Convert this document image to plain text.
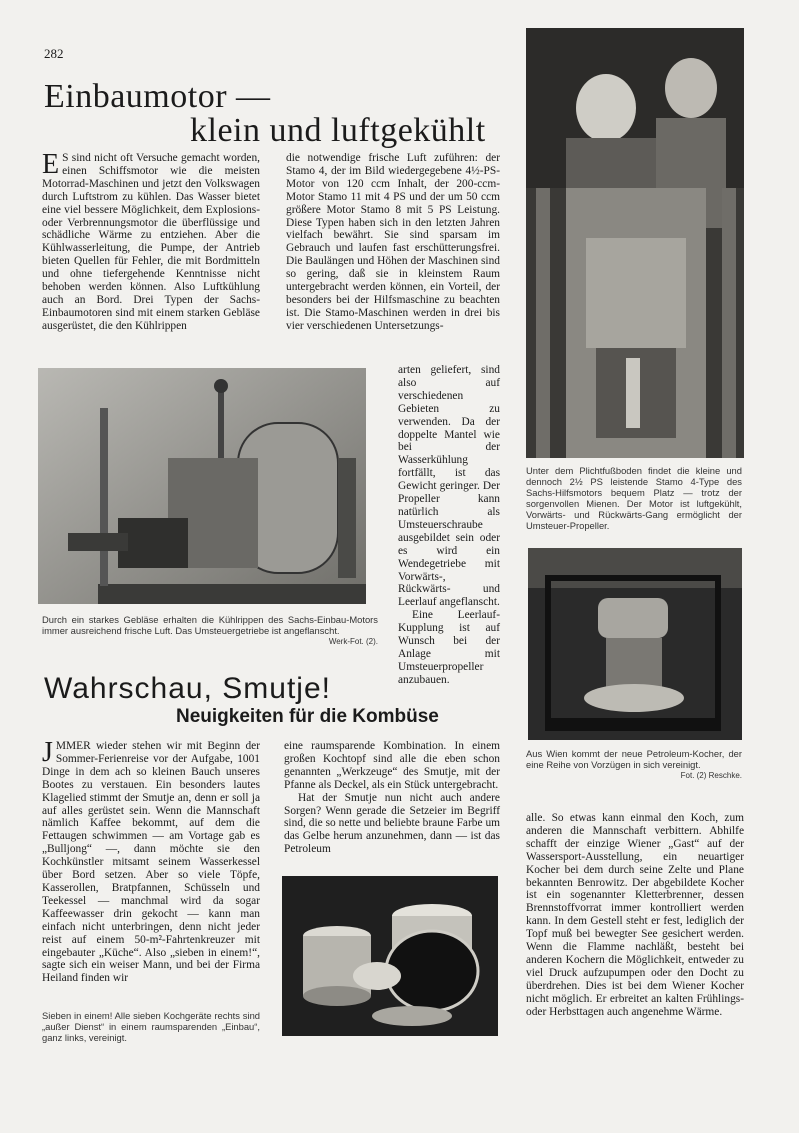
282
Einbaumotor —
klein und luftgekühlt

E S sind nicht oft Versuche gemacht worden, einen Schiffsmotor wie die meisten Motorrad-Maschinen und jetzt den Volkswagen durch Luftstrom zu kühlen. Das Wasser bietet eine viel bessere Möglichkeit, dem Explosions- oder Verbrennungsmotor die überflüssige und schädliche Wärme zu entziehen. Aber die Kühlwasserleitung, die Pumpe, der Antrieb bieten Quellen für Fehler, die mit Bordmitteln und ohne tiefergehende Kenntnisse nicht behoben werden können. Also Luftkühlung auch an Bord. Drei Typen der Sachs-Einbaumotoren sind mit einem starken Gebläse ausgerüstet, die den Kühlrippen

die notwendige frische Luft zuführen: der Stamo 4, der im Bild wiedergegebene 4½-PS-Motor von 120 ccm Inhalt, der 200-ccm-Motor Stamo 11 mit 4 PS und der um 50 ccm größere Motor Stamo 8 mit 5 PS Leistung. Diese Typen haben sich in den letzten Jahren vielfach bewährt. Sie sind sparsam im Gebrauch und laufen fast erschütterungsfrei. Die Baulängen und Höhen der Maschinen sind so gering, daß sie in kleinstem Raum untergebracht werden können, ein Vorteil, der besonders bei der Hilfsmaschine zu beachten ist. Die Stamo-Maschinen werden in drei bis vier verschiedenen Untersetzungs-

arten geliefert, sind also auf verschiedenen Gebieten zu verwenden. Da der doppelte Mantel wie bei der Wasserkühlung fortfällt, ist das Gewicht geringer. Der Propeller kann natürlich als Umsteuerschraube ausgebildet sein oder es wird ein Wendegetriebe mit Vorwärts-, Rückwärts- und Leerlauf angeflanscht.

Eine Leerlauf-Kupplung ist auf Wunsch bei der Anlage mit Umsteuerpropeller anzubauen.

Durch ein starkes Gebläse erhalten die Kühlrippen des Sachs-Einbau-Motors immer ausreichend frische Luft. Das Umsteuergetriebe ist angeflanscht.
Werk-Fot. (2).
Unter dem Plichtfußboden findet die kleine und dennoch 2½ PS leistende Stamo 4-Type des Sachs-Hilfsmotors bequem Platz — trotz der sorgenvollen Mienen. Der Motor ist luftgekühlt, Vorwärts- und Rückwärts-Gang ermöglicht der Umsteuer-Propeller.
Aus Wien kommt der neue Petroleum-Kocher, der eine Reihe von Vorzügen in sich vereinigt.
Fot. (2) Reschke.
Wahrschau, Smutje!
Neuigkeiten für die Kombüse

JMMER wieder stehen wir mit Beginn der Sommer-Ferienreise vor der Aufgabe, 1001 Dinge in dem ach so kleinen Bauch unseres Bootes zu verstauen. Ein besonders lautes Klagelied stimmt der Smutje an, denn er soll ja auf alles gerüstet sein. Wenn die Mannschaft nämlich Kaffee bekommt, auf dem die Fettaugen schwimmen — am Vortage gab es „Bulljong“ —, dann möchte sie den Kochkünstler mitsamt seinem Wasserkessel über Bord setzen. Aber so viele Töpfe, Kasserollen, Bratpfannen, Schüsseln und Teekessel — manchmal wird da sogar Kaffeewasser drin gekocht — kann man einfach nicht unterbringen, denn nicht jeder reist auf einem 50-m²-Fahrtenkreuzer mit eingebauter „Küche“. Also „sieben in einem!“, sagte sich ein weiser Mann, und bei der Firma Heiland finden wir

Sieben in einem! Alle sieben Kochgeräte rechts sind „außer Dienst“ in einem raumsparenden „Einbau“, ganz links, vereinigt.

eine raumsparende Kombination. In einem großen Kochtopf sind alle die eben schon genannten „Werkzeuge“ des Smutje, mit der Pfanne als Deckel, als ein Stück untergebracht.

Hat der Smutje nun nicht auch andere Sorgen? Wenn gerade die Setzeier im Begriff sind, die so nette und beliebte braune Farbe um das Gelbe herum anzunehmen, dann — ist das Petroleum

alle. So etwas kann einmal den Koch, zum anderen die Mannschaft verbittern. Abhilfe schafft der einzige Wiener „Gast“ auf der Wassersport-Ausstellung, ein neuartiger Kocher bei dem durch seine Zelte und Plane bekannten Benrowitz. Der abgebildete Kocher ist ein sogenannter Kletterbrenner, dessen Brennstoffvorrat immer kontrolliert werden kann. In dem Gestell steht er fest, lediglich der Topf muß bei bewegter See gesichert werden. Wenn die Flamme nachläßt, besteht bei anderen Kochern die Möglichkeit, entweder zu viel Druck aufzupumpen oder den Docht zu überdrehen. Dies ist bei dem Wiener Kocher nicht möglich. Er erbreitet an kalten Frühlings- oder Herbsttagen auch angenehme Wärme.
